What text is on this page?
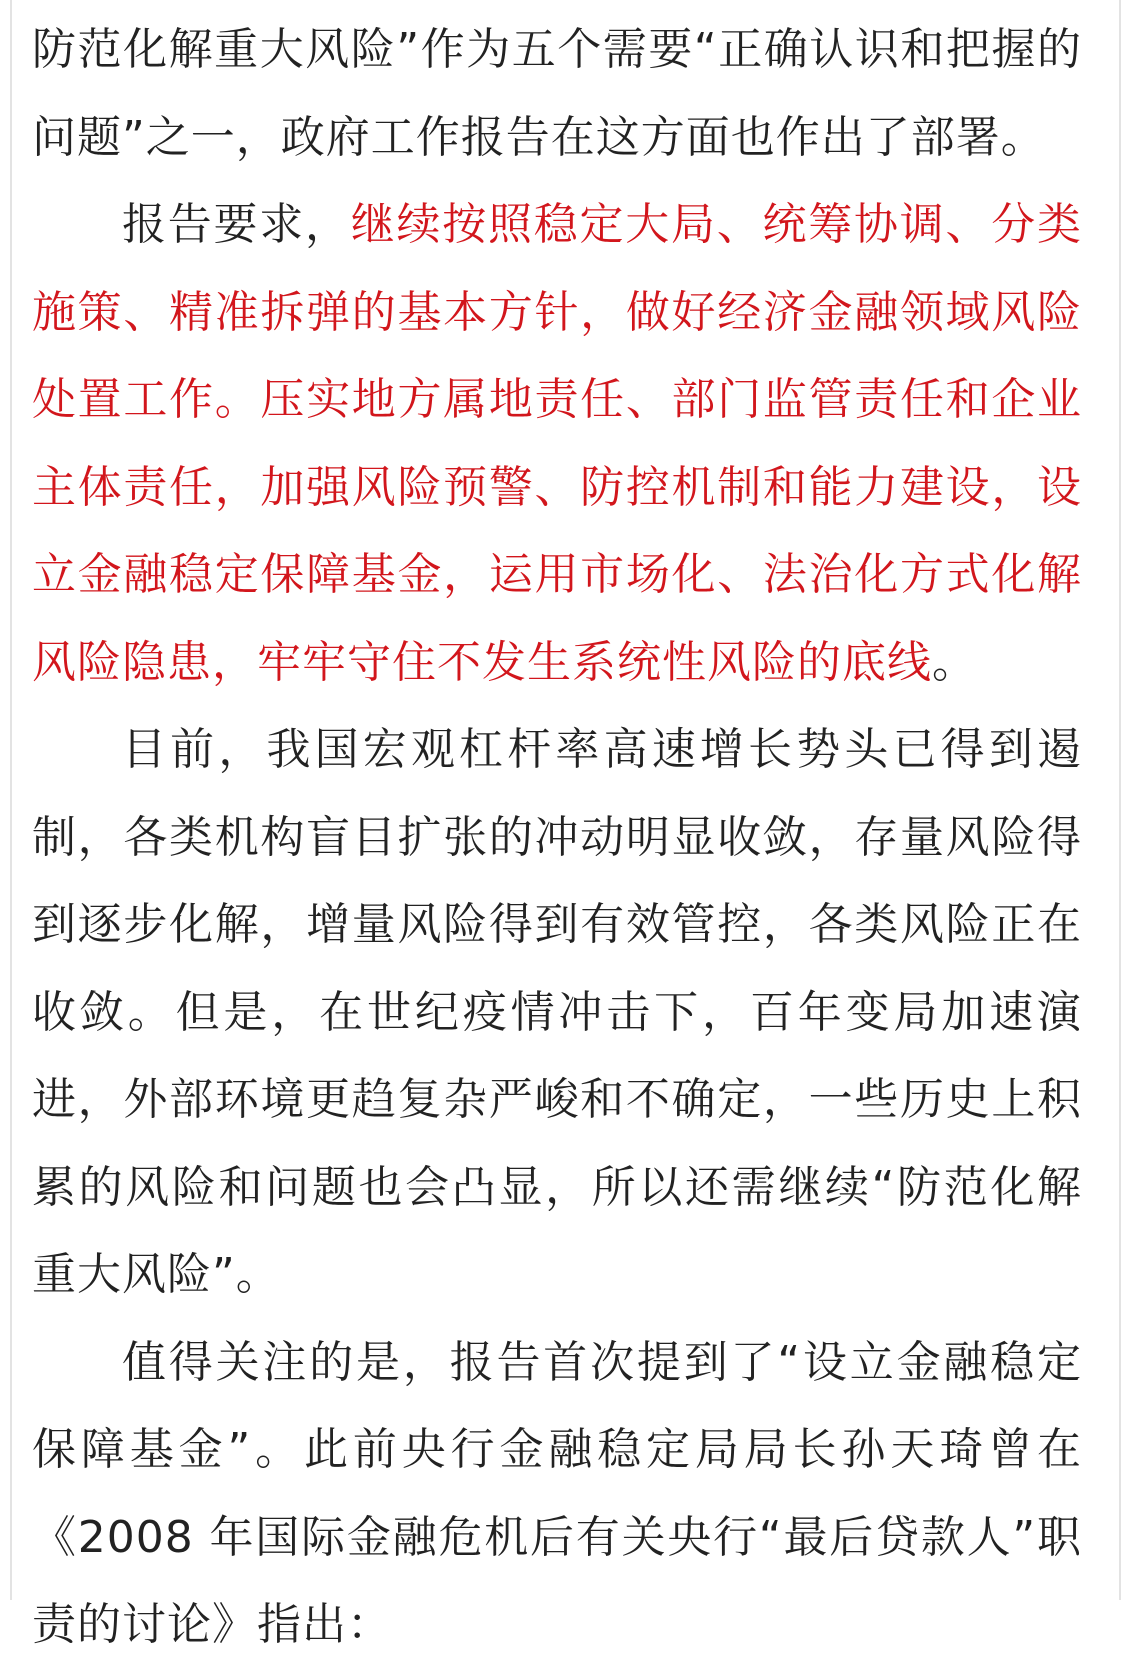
防范化解重大风险”作为五个需要“正确认识和把握的问题”之一，政府工作报告在这方面也作出了部署。

报告要求，继续按照稳定大局、统筹协调、分类施策、精准拆弹的基本方针，做好经济金融领域风险处置工作。压实地方属地责任、部门监管责任和企业主体责任，加强风险预警、防控机制和能力建设，设立金融稳定保障基金，运用市场化、法治化方式化解风险隐患，牢牢守住不发生系统性风险的底线。

目前，我国宏观杠杆率高速增长势头已得到遏制，各类机构盲目扩张的冲动明显收敛，存量风险得到逐步化解，增量风险得到有效管控，各类风险正在收敛。但是，在世纪疫情冲击下，百年变局加速演进，外部环境更趋复杂严峻和不确定，一些历史上积累的风险和问题也会凸显，所以还需继续“防范化解重大风险”。

值得关注的是，报告首次提到了“设立金融稳定保障基金”。此前央行金融稳定局局长孙天琦曾在《2008 年国际金融危机后有关央行“最后贷款人”职责的讨论》指出：
